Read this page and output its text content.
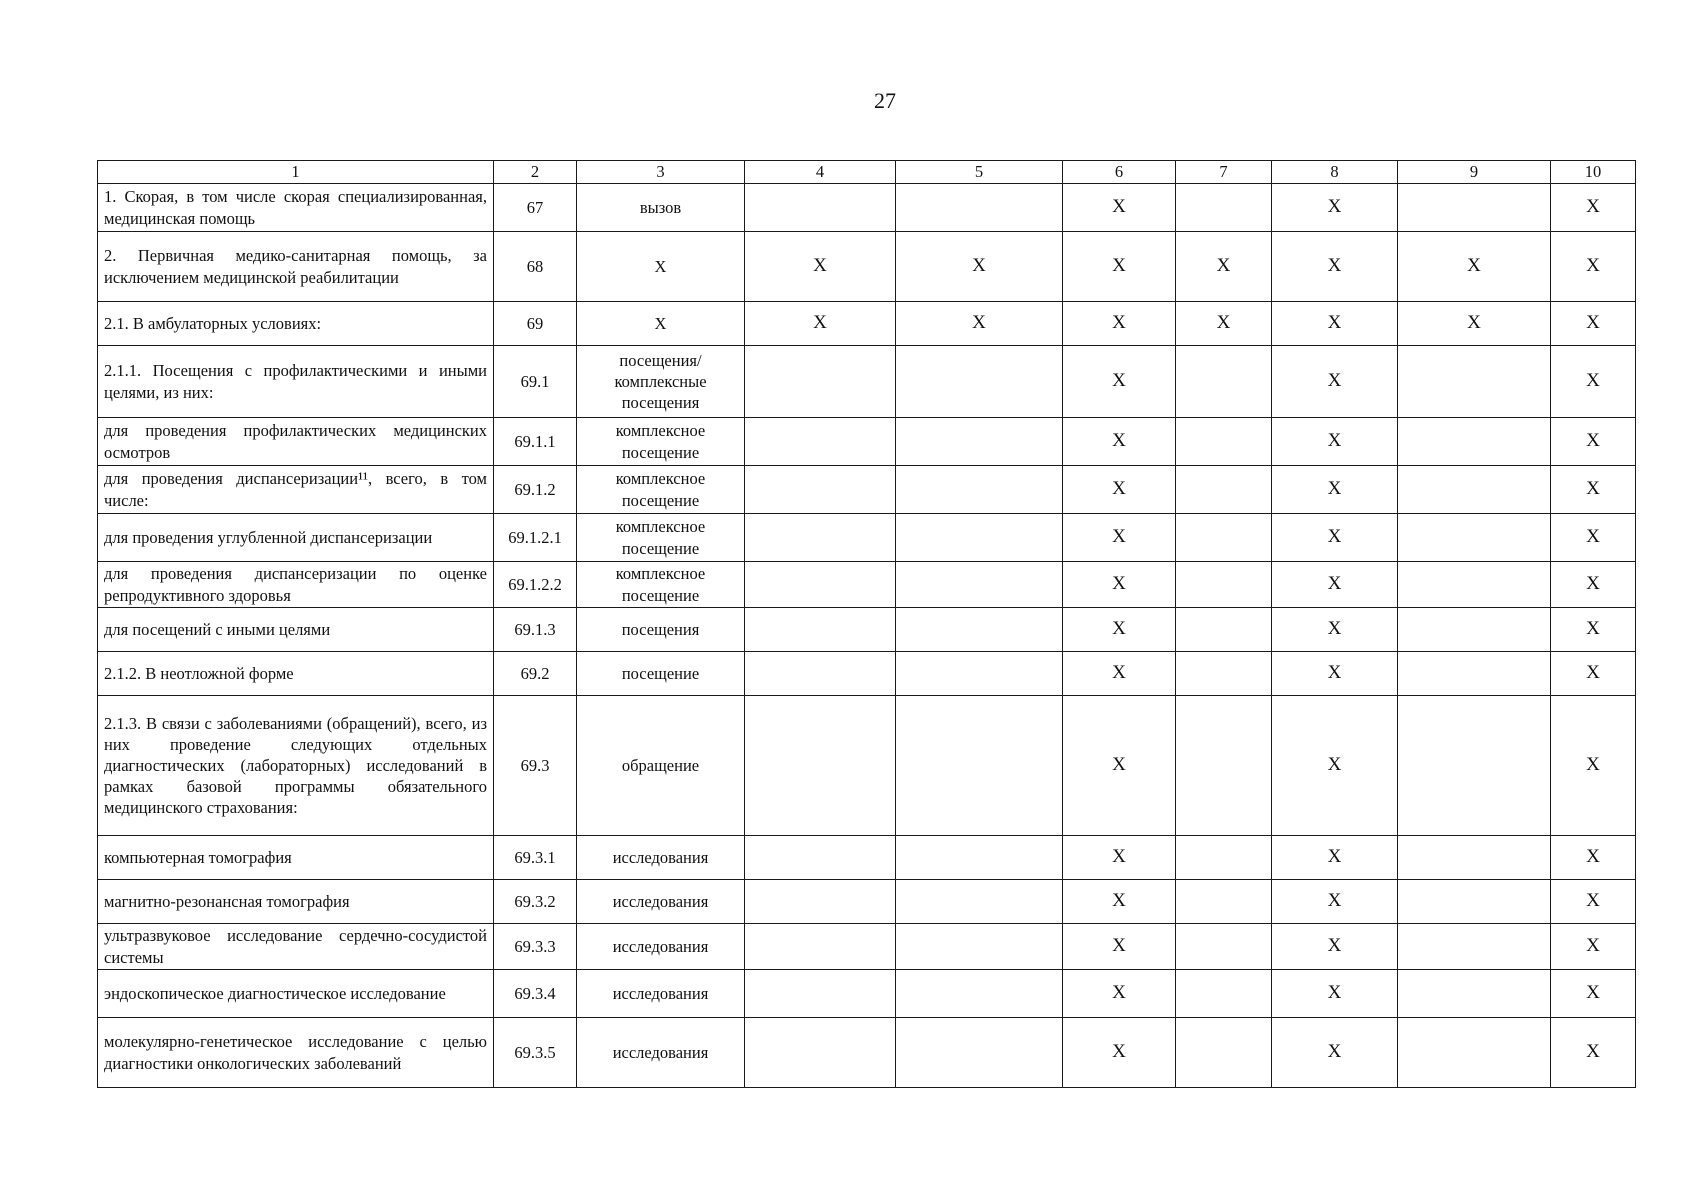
27
1	2	3	4	5	6	7	8	9	10
1. Скорая, в том числе скорая специализированная, медицинская помощь	67	вызов			X		X		X
2. Первичная медико-санитарная помощь, за исключением медицинской реабилитации	68	X	X	X	X	X	X	X	X
2.1. В амбулаторных условиях:	69	X	X	X	X	X	X	X	X
2.1.1. Посещения с профилактическими и иными целями, из них:	69.1	посещения/комплексные посещения			X		X		X
для проведения профилактических медицинских осмотров	69.1.1	комплексное посещение			X		X		X
для проведения диспансеризации¹¹, всего, в том числе:	69.1.2	комплексное посещение			X		X		X
для проведения углубленной диспансеризации	69.1.2.1	комплексное посещение			X		X		X
для проведения диспансеризации по оценке репродуктивного здоровья	69.1.2.2	комплексное посещение			X		X		X
для посещений с иными целями	69.1.3	посещения			X		X		X
2.1.2. В неотложной форме	69.2	посещение			X		X		X
2.1.3. В связи с заболеваниями (обращений), всего, из них проведение следующих отдельных диагностических (лабораторных) исследований в рамках базовой программы обязательного медицинского страхования:	69.3	обращение			X		X		X
компьютерная томография	69.3.1	исследования			X		X		X
магнитно-резонансная томография	69.3.2	исследования			X		X		X
ультразвуковое исследование сердечно-сосудистой системы	69.3.3	исследования			X		X		X
эндоскопическое диагностическое исследование	69.3.4	исследования			X		X		X
молекулярно-генетическое исследование с целью диагностики онкологических заболеваний	69.3.5	исследования			X		X		X
